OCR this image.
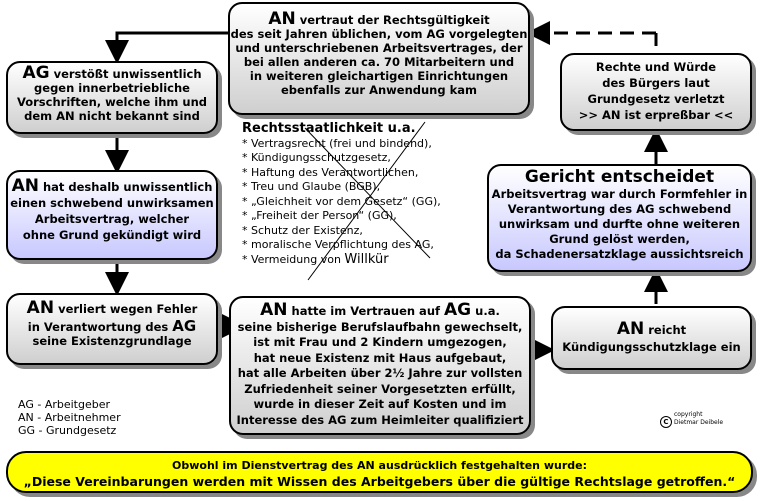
AN vertraut der Rechtsgültigkeit
des seit Jahren üblichen, vom AG vorgelegten
und unterschriebenen Arbeitsvertrages, der
bei allen anderen ca. 70 Mitarbeitern und
in weiteren gleichartigen Einrichtungen
ebenfalls zur Anwendung kam
AG verstößt unwissentlich
gegen innerbetriebliche
Vorschriften, welche ihm und
dem AN nicht bekannt sind
AN hat deshalb unwissentlich
einen schwebend unwirksamen
Arbeitsvertrag, welcher
ohne Grund gekündigt wird
AN verliert wegen Fehler
in Verantwortung des AG
seine Existenzgrundlage
AN hatte im Vertrauen auf AG u.a.
seine bisherige Berufslaufbahn gewechselt,
ist mit Frau und 2 Kindern umgezogen,
hat neue Existenz mit Haus aufgebaut,
hat alle Arbeiten über 2½ Jahre zur vollsten
Zufriedenheit seiner Vorgesetzten erfüllt,
wurde in dieser Zeit auf Kosten und im
Interesse des AG zum Heimleiter qualifiziert
Rechte und Würde
des Bürgers laut
Grundgesetz verletzt
>> AN ist erpreßbar <<
Gericht entscheidet
Arbeitsvertrag war durch Formfehler in
Verantwortung des AG schwebend
unwirksam und durfte ohne weiteren
Grund gelöst werden,
da Schadenersatzklage aussichtsreich
AN reicht
Kündigungsschutzklage ein
Rechtsstaatlichkeit u.a.
* Vertragsrecht (frei und bindend),
* Kündigungsschutzgesetz,
* Haftung des Verantwortlichen,
* Treu und Glaube (BGB),
* „Gleichheit vor dem Gesetz“ (GG),
* „Freiheit der Person“ (GG),
* Schutz der Existenz,
* moralische Verpflichtung des AG,
* Vermeidung von Willkür
AG - Arbeitgeber
AN - Arbeitnehmer
GG - Grundgesetz
C
copyright
Dietmar Deibele
Obwohl im Dienstvertrag des AN ausdrücklich festgehalten wurde:
„Diese Vereinbarungen werden mit Wissen des Arbeitgebers über die gültige Rechtslage getroffen.“
